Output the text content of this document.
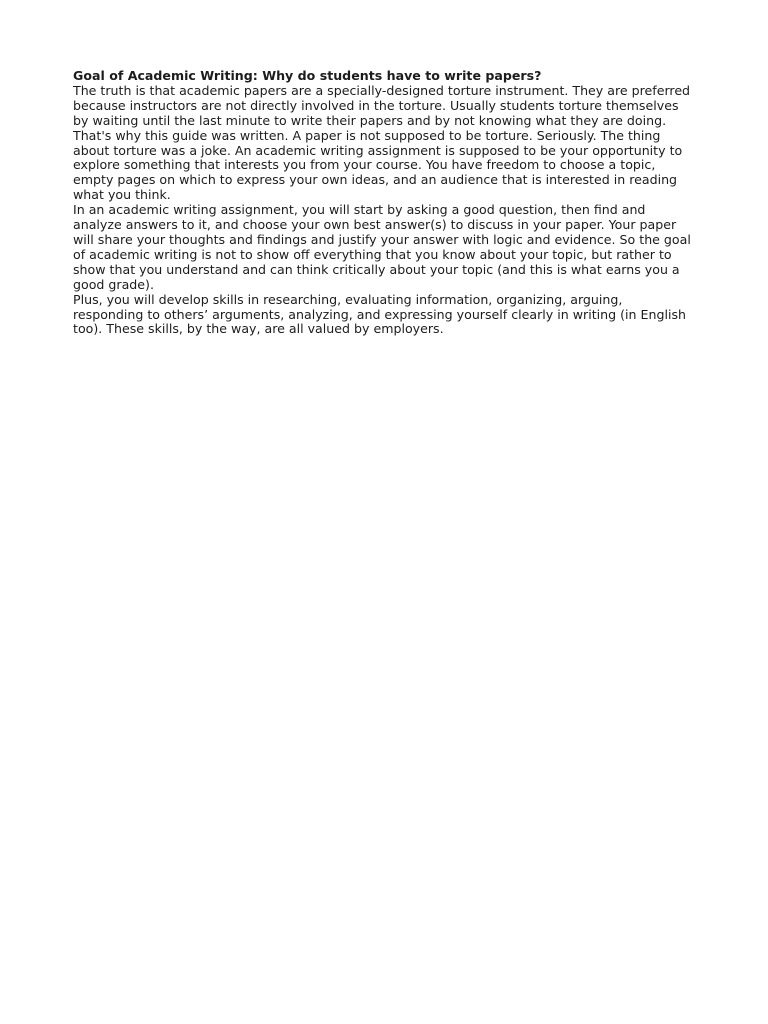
Goal of Academic Writing: Why do students have to write papers?

The truth is that academic papers are a specially-designed torture instrument. They are preferred because instructors are not directly involved in the torture. Usually students torture themselves by waiting until the last minute to write their papers and by not knowing what they are doing.

That's why this guide was written. A paper is not supposed to be torture. Seriously. The thing about torture was a joke. An academic writing assignment is supposed to be your opportunity to explore something that interests you from your course. You have freedom to choose a topic, empty pages on which to express your own ideas, and an audience that is interested in reading what you think.

In an academic writing assignment, you will start by asking a good question, then find and analyze answers to it, and choose your own best answer(s) to discuss in your paper. Your paper will share your thoughts and findings and justify your answer with logic and evidence. So the goal of academic writing is not to show off everything that you know about your topic, but rather to show that you understand and can think critically about your topic (and this is what earns you a good grade).

Plus, you will develop skills in researching, evaluating information, organizing, arguing, responding to others’ arguments, analyzing, and expressing yourself clearly in writing (in English too). These skills, by the way, are all valued by employers.
